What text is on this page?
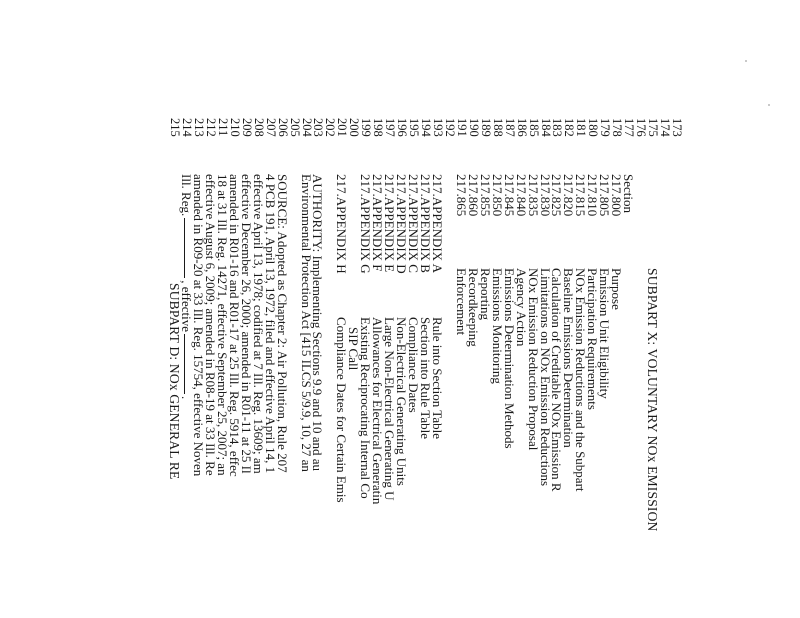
173
174
175
SUBPART X: VOLUNTARY NOx EMISSION
176
177
Section
178
217.800
Purpose
179
217.805
Emission Unit Eligibility
180
217.810
Participation Requirements
181
217.815
NOx Emission Reductions and the Subpart
182
217.820
Baseline Emissions Determination
183
217.825
Calculation of Creditable NOx Emission R
184
217.830
Limitations on NOx Emission Reductions
185
217.835
NOx Emission Reduction Proposal
186
217.840
Agency Action
187
217.845
Emissions Determination Methods
188
217.850
Emissions Monitoring
189
217.855
Reporting
190
217.860
Recordkeeping
191
217.865
Enforcement
192
193
217.APPENDIX A
Rule into Section Table
194
217.APPENDIX B
Section into Rule Table
195
217.APPENDIX C
Compliance Dates
196
217.APPENDIX D
Non-Electrical Generating Units
197
217.APPENDIX E
Large Non-Electrical Generating U
198
217.APPENDIX F
Allowances for Electrical Generatin
199
217.APPENDIX G
Existing Reciprocating Internal Co
200
SIP Call
201
217.APPENDIX H
Compliance Dates for Certain Emis
202
203
AUTHORITY: Implementing Sections 9.9 and 10 and au
204
Environmental Protection Act [415 ILCS 5/9.9, 10, 27 an
205
206
SOURCE: Adopted as Chapter 2: Air Pollution, Rule 207
207
4 PCB 191, April 13, 1972, filed and effective April 14, 1
208
effective April 13, 1978; codified at 7 Ill. Reg. 13609; am
209
effective December 26, 2000; amended in R01-11 at 25 Il
210
amended in R01-16 and R01-17 at 25 Ill. Reg. 5914, effec
211
18 at 31 Ill. Reg. 14271, effective September 25, 2007; an
212
effective August 6, 2009; amended in R08-19 at 33 Ill. Re
213
amended in R09-20 at 33 Ill. Reg. 15754, effective Noven
214
Ill. Reg., effective.
215
SUBPART D: NOx GENERAL RE
